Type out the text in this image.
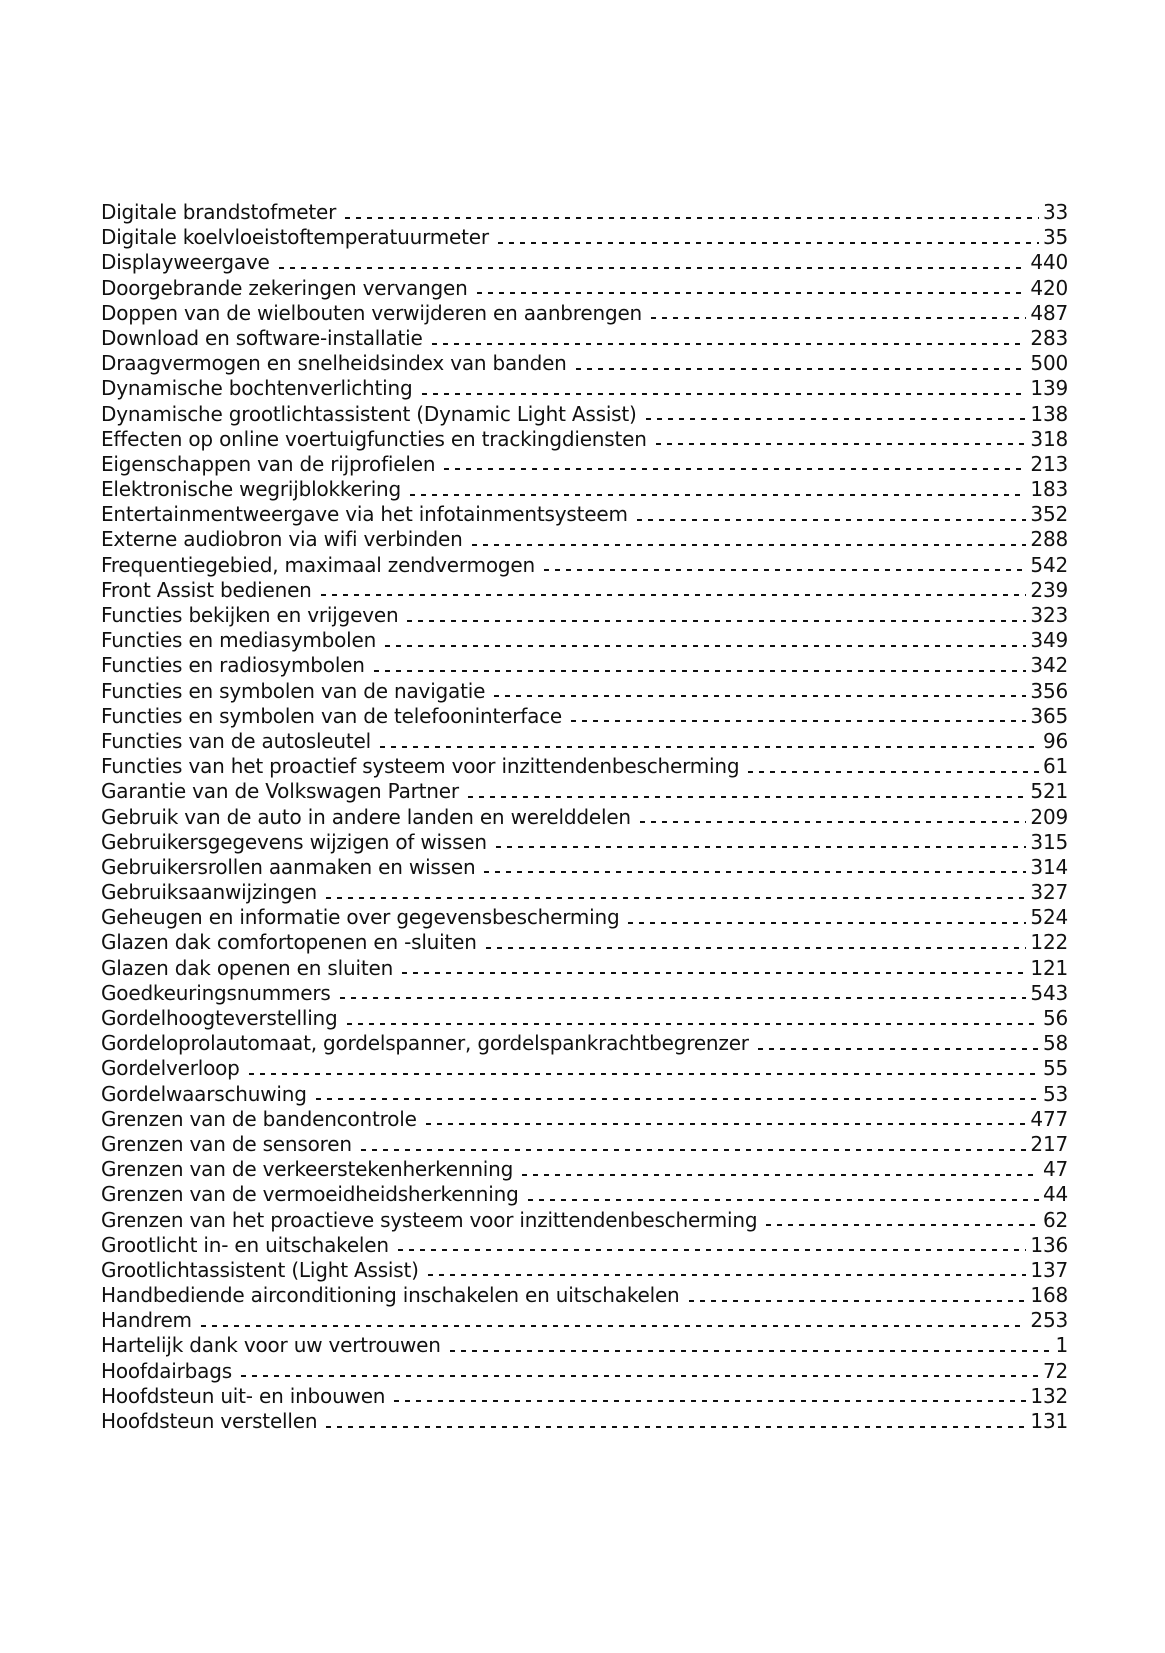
Digitale brandstofmeter	33
Digitale koelvloeistoftemperatuurmeter	35
Displayweergave	440
Doorgebrande zekeringen vervangen	420
Doppen van de wielbouten verwijderen en aanbrengen	487
Download en software-installatie	283
Draagvermogen en snelheidsindex van banden	500
Dynamische bochtenverlichting	139
Dynamische grootlichtassistent (Dynamic Light Assist)	138
Effecten op online voertuigfuncties en trackingdiensten	318
Eigenschappen van de rijprofielen	213
Elektronische wegrijblokkering	183
Entertainmentweergave via het infotainmentsysteem	352
Externe audiobron via wifi verbinden	288
Frequentiegebied, maximaal zendvermogen	542
Front Assist bedienen	239
Functies bekijken en vrijgeven	323
Functies en mediasymbolen	349
Functies en radiosymbolen	342
Functies en symbolen van de navigatie	356
Functies en symbolen van de telefooninterface	365
Functies van de autosleutel	96
Functies van het proactief systeem voor inzittendenbescherming	61
Garantie van de Volkswagen Partner	521
Gebruik van de auto in andere landen en werelddelen	209
Gebruikersgegevens wijzigen of wissen	315
Gebruikersrollen aanmaken en wissen	314
Gebruiksaanwijzingen	327
Geheugen en informatie over gegevensbescherming	524
Glazen dak comfortopenen en -sluiten	122
Glazen dak openen en sluiten	121
Goedkeuringsnummers	543
Gordelhoogteverstelling	56
Gordeloprolautomaat, gordelspanner, gordelspankrachtbegrenzer	58
Gordelverloop	55
Gordelwaarschuwing	53
Grenzen van de bandencontrole	477
Grenzen van de sensoren	217
Grenzen van de verkeerstekenherkenning	47
Grenzen van de vermoeidheidsherkenning	44
Grenzen van het proactieve systeem voor inzittendenbescherming	62
Grootlicht in- en uitschakelen	136
Grootlichtassistent (Light Assist)	137
Handbediende airconditioning inschakelen en uitschakelen	168
Handrem	253
Hartelijk dank voor uw vertrouwen	1
Hoofdairbags	72
Hoofdsteun uit- en inbouwen	132
Hoofdsteun verstellen	131
